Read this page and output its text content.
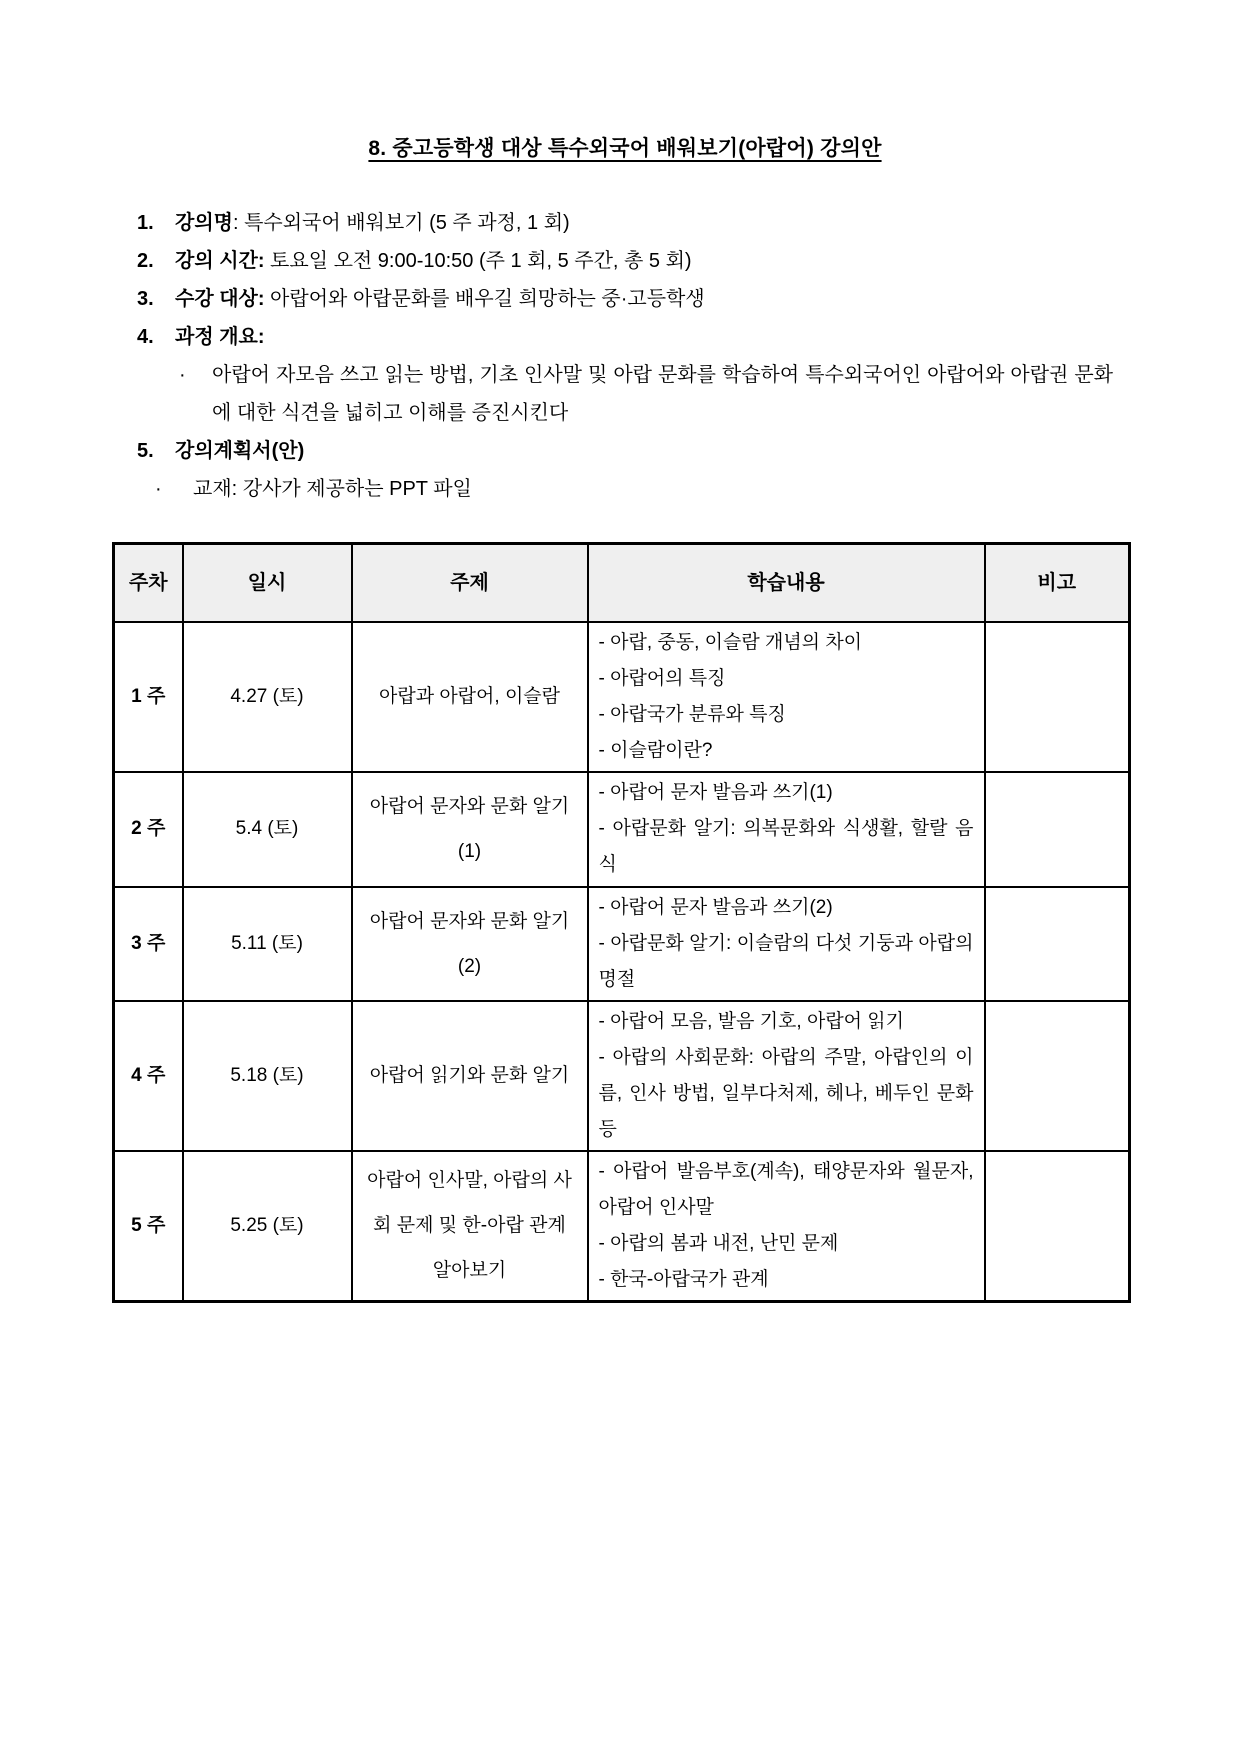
8. 중고등학생 대상 특수외국어 배워보기(아랍어) 강의안
1.	강의명: 특수외국어 배워보기 (5 주 과정, 1 회)
2.	강의 시간: 토요일 오전 9:00-10:50 (주 1 회, 5 주간, 총 5 회)
3.	수강 대상: 아랍어와 아랍문화를 배우길 희망하는 중·고등학생
4.	과정 개요:
·	아랍어 자모음 쓰고 읽는 방법, 기초 인사말 및 아랍 문화를 학습하여 특수외국어인 아랍어와 아랍권 문화에 대한 식견을 넓히고 이해를 증진시킨다
5.	강의계획서(안)
·	교재: 강사가 제공하는 PPT 파일
주차	일시	주제	학습내용	비고
1 주	4.27 (토)	아랍과 아랍어, 이슬람	- 아랍, 중동, 이슬람 개념의 차이
- 아랍어의 특징
- 아랍국가 분류와 특징
- 이슬람이란?	

2 주	5.4 (토)	아랍어 문자와 문화 알기(1)	- 아랍어 문자 발음과 쓰기(1)
- 아랍문화 알기: 의복문화와 식생활, 할랄 음식	

3 주	5.11 (토)	아랍어 문자와 문화 알기(2)	- 아랍어 문자 발음과 쓰기(2)
- 아랍문화 알기: 이슬람의 다섯 기둥과 아랍의 명절	

4 주	5.18 (토)	아랍어 읽기와 문화 알기	- 아랍어 모음, 발음 기호, 아랍어 읽기
- 아랍의 사회문화: 아랍의 주말, 아랍인의 이름, 인사 방법, 일부다처제, 헤나, 베두인 문화 등	

5 주	5.25 (토)	아랍어 인사말, 아랍의 사회 문제 및 한-아랍 관계 알아보기	- 아랍어 발음부호(계속), 태양문자와 월문자, 아랍어 인사말
- 아랍의 봄과 내전, 난민 문제
- 한국-아랍국가 관계	
